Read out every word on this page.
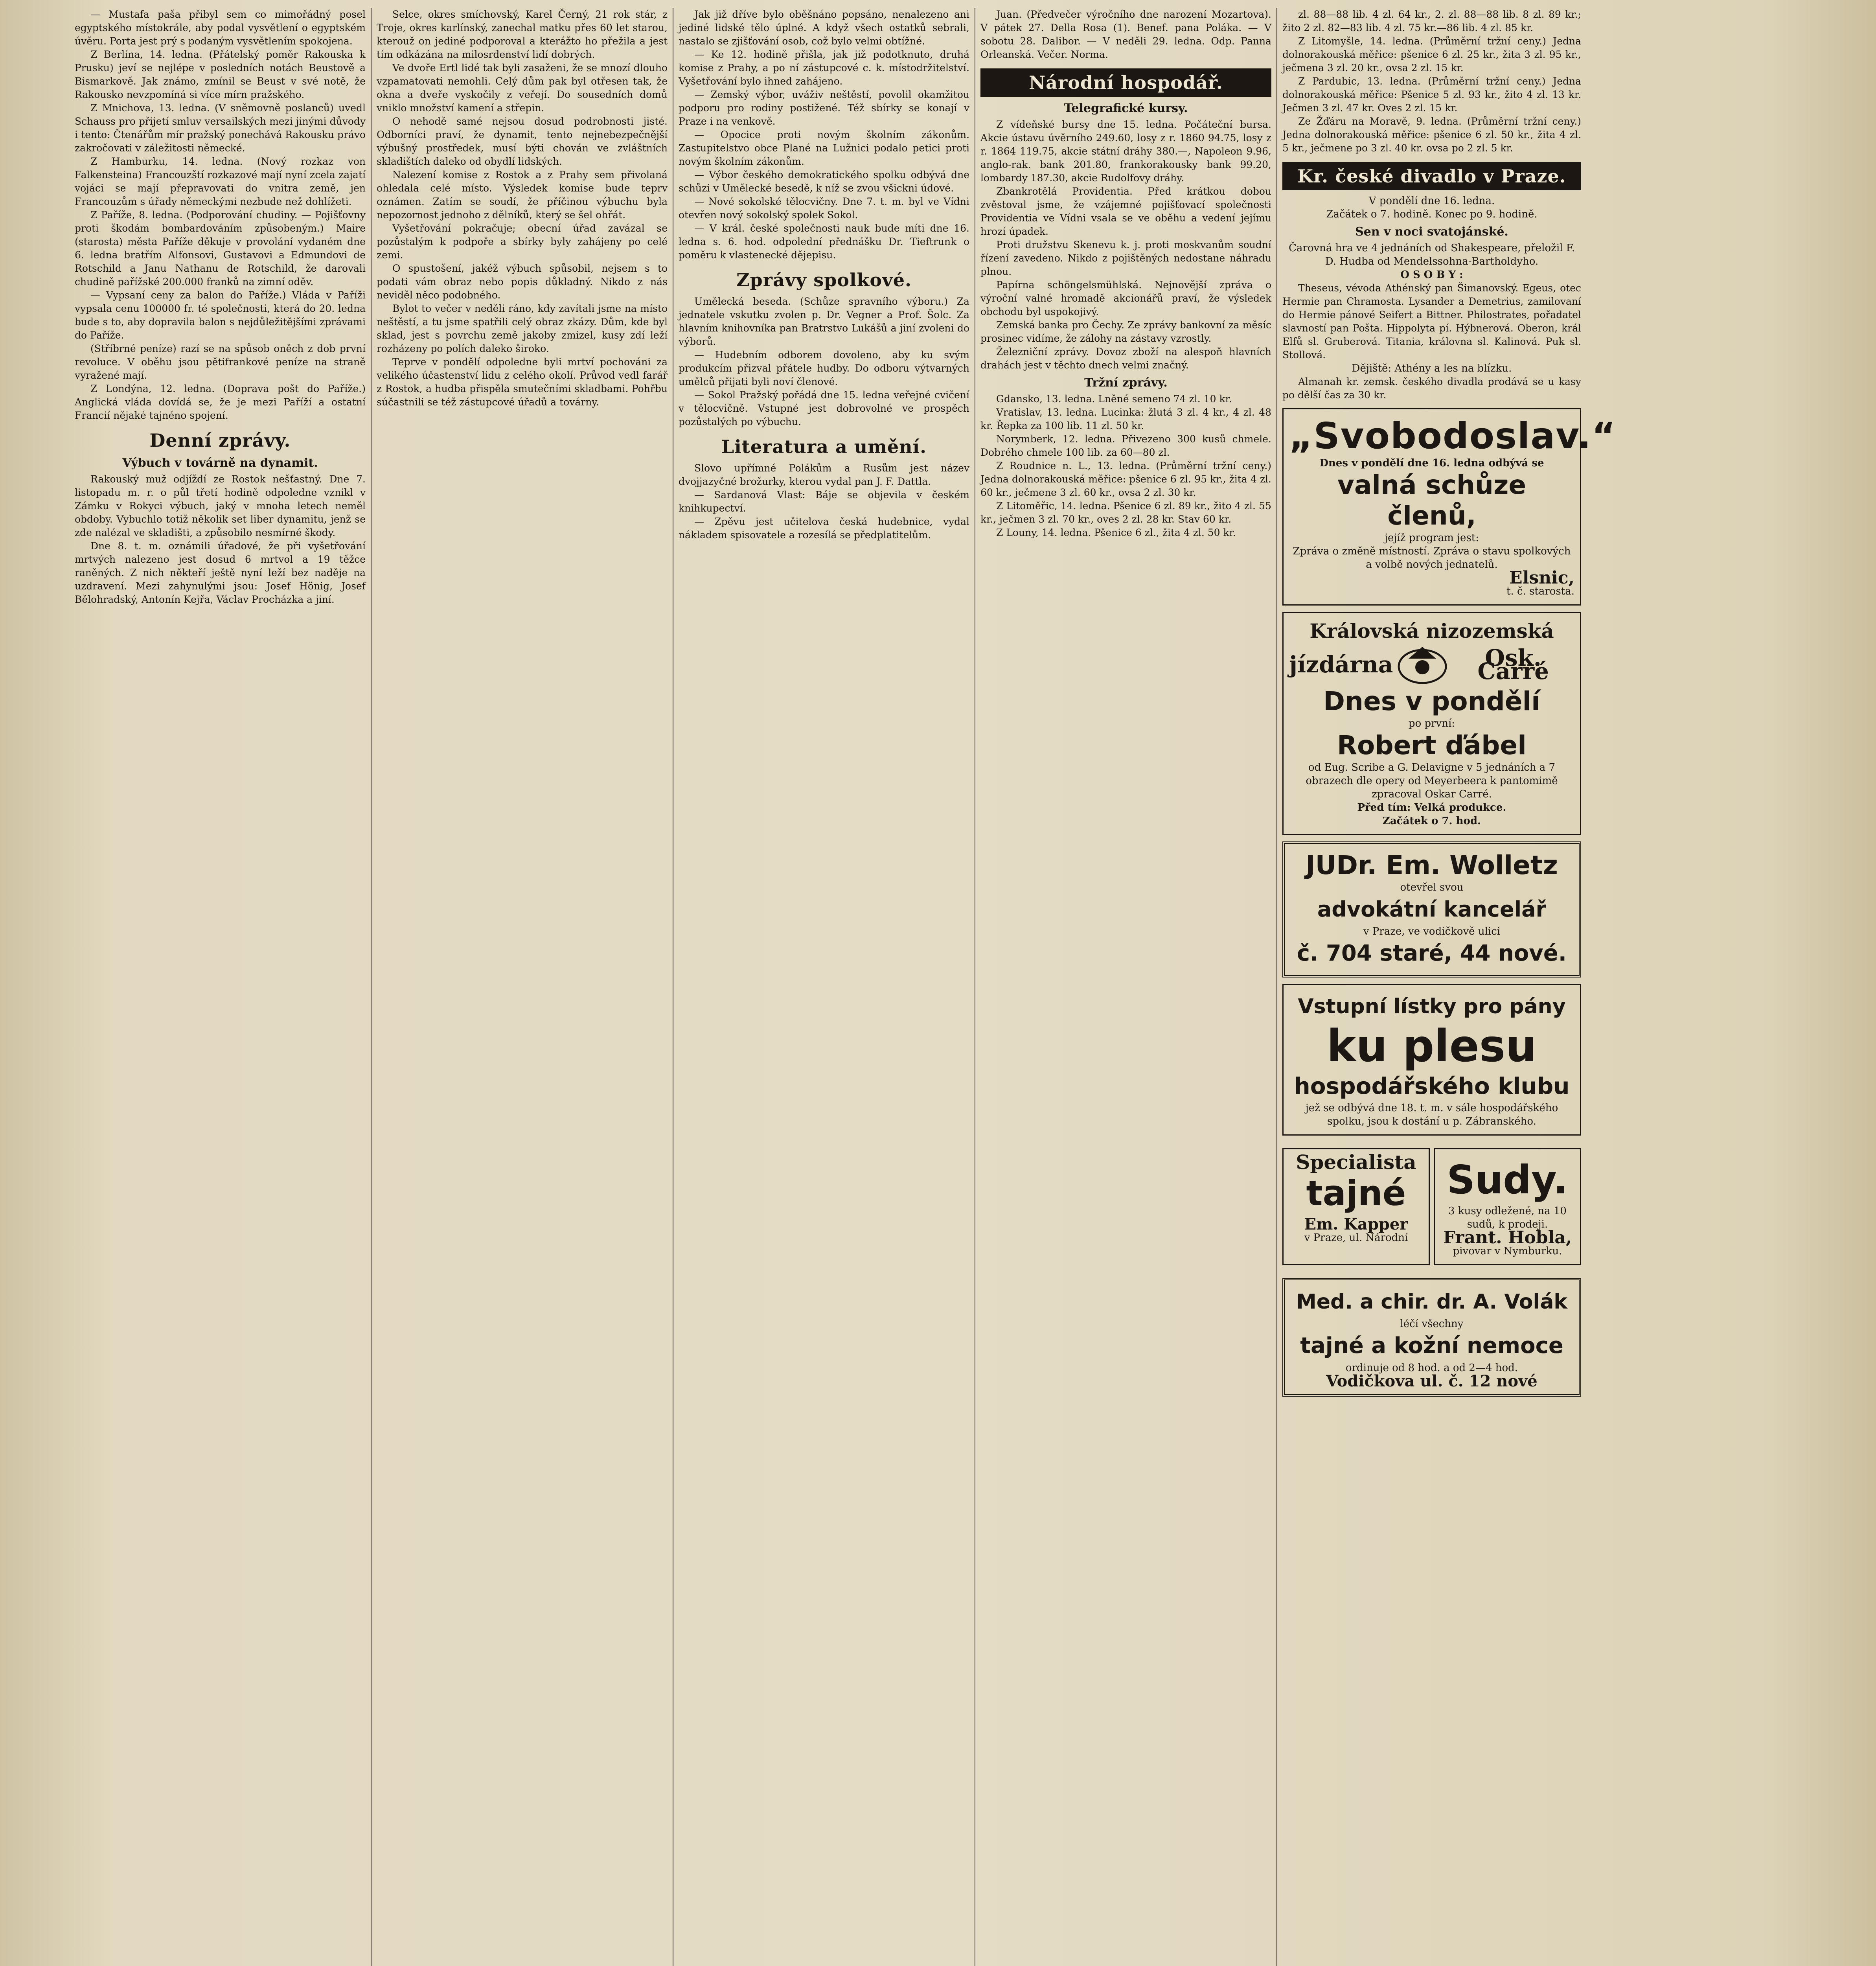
— Mustafa paša přibyl sem co mimořádný posel egyptského místokrále, aby podal vysvětlení o egyptském úvěru. Porta jest prý s podaným vysvětlením spokojena.

Z Berlína, 14. ledna. (Přátelský poměr Rakouska k Prusku) jeví se nejlépe v posledních notách Beustově a Bismarkově. Jak známo, zmínil se Beust v své notě, že Rakousko nevzpomíná si více mírn pražského.

Z Mnichova, 13. ledna. (V sněmovně poslanců) uvedl Schauss pro přijetí smluv versailských mezi jinými důvody i tento: Čtenářům mír pražský ponechává Rakousku právo zakročovati v záležitosti německé.

Z Hamburku, 14. ledna. (Nový rozkaz von Falkensteina) Francouzští rozkazové mají nyní zcela zajatí vojáci se mají přepravovati do vnitra země, jen Francouzům s úřady německými nezbude než dohlížeti.

Z Paříže, 8. ledna. (Podporování chudiny. — Pojišťovny proti škodám bombardováním způsobeným.) Maire (starosta) města Paříže děkuje v provolání vydaném dne 6. ledna bratřím Alfonsovi, Gustavovi a Edmundovi de Rotschild a Janu Nathanu de Rotschild, že darovali chudině pařížské 200.000 franků na zimní oděv.

— Vypsaní ceny za balon do Paříže.) Vláda v Paříži vypsala cenu 100000 fr. té společnosti, která do 20. ledna bude s to, aby dopravila balon s nejdůležitějšími zprávami do Paříže.

(Stříbrné peníze) razí se na spůsob oněch z dob první revoluce. V oběhu jsou pětifrankové peníze na straně vyražené mají.

Z Londýna, 12. ledna. (Doprava pošt do Paříže.) Anglická vláda dovídá se, že je mezi Paříží a ostatní Francií nějaké tajnéno spojení.

Denní zprávy.
Výbuch v továrně na dynamit.

Rakouský muž odjíždí ze Rostok nešťastný. Dne 7. listopadu m. r. o půl třetí hodině odpoledne vznikl v Zámku v Rokyci výbuch, jaký v mnoha letech neměl obdoby. Vybuchlo totiž několik set liber dynamitu, jenž se zde nalézal ve skladišti, a způsobilo nesmírné škody.

Dne 8. t. m. oznámili úřadové, že při vyšetřování mrtvých nalezeno jest dosud 6 mrtvol a 19 těžce raněných. Z nich někteří ještě nyní leží bez naděje na uzdravení. Mezi zahynulými jsou: Josef Hönig, Josef Bělohradský, Antonín Kejřa, Václav Procházka a jiní.

Selce, okres smíchovský, Karel Černý, 21 rok stár, z Troje, okres karlínský, zanechal matku přes 60 let starou, kterouž on jediné podporoval a kterážto ho přežila a jest tím odkázána na milosrdenství lidí dobrých.

Ve dvoře Ertl lidé tak byli zasaženi, že se mnozí dlouho vzpamatovati nemohli. Celý dům pak byl otřesen tak, že okna a dveře vyskočily z veřejí. Do sousedních domů vniklo množství kamení a střepin.

O nehodě samé nejsou dosud podrobnosti jisté. Odborníci praví, že dynamit, tento nejnebezpečnější výbušný prostředek, musí býti chován ve zvláštních skladištích daleko od obydlí lidských.

Nalezení komise z Rostok a z Prahy sem přivolaná ohledala celé místo. Výsledek komise bude teprv oznámen. Zatím se soudí, že příčinou výbuchu byla nepozornost jednoho z dělníků, který se šel ohřát.

Vyšetřování pokračuje; obecní úřad zavázal se pozůstalým k podpoře a sbírky byly zahájeny po celé zemi.

O spustošení, jakéž výbuch spůsobil, nejsem s to podati vám obraz nebo popis důkladný. Nikdo z nás neviděl něco podobného.

Bylot to večer v neděli ráno, kdy zavítali jsme na místo neštěstí, a tu jsme spatřili celý obraz zkázy. Dům, kde byl sklad, jest s povrchu země jakoby zmizel, kusy zdí leží rozházeny po polích daleko široko.

Teprve v pondělí odpoledne byli mrtví pochováni za velikého účastenství lidu z celého okolí. Průvod vedl farář z Rostok, a hudba přispěla smutečními skladbami. Pohřbu súčastnili se též zástupcové úřadů a továrny.

Jak již dříve bylo oběšnáno popsáno, nenalezeno ani jediné lidské tělo úplné. A když všech ostatků sebrali, nastalo se zjišťování osob, což bylo velmi obtížné.

— Ke 12. hodině přišla, jak již podotknuto, druhá komise z Prahy, a po ní zástupcové c. k. místodržitelství. Vyšetřování bylo ihned zahájeno.

— Zemský výbor, uváživ neštěstí, povolil okamžitou podporu pro rodiny postižené. Též sbírky se konají v Praze i na venkově.

— Opocice proti novým školním zákonům. Zastupitelstvo obce Plané na Lužnici podalo petici proti novým školním zákonům.

— Výbor českého demokratického spolku odbývá dne schůzi v Umělecké besedě, k níž se zvou všickni údové.

— Nové sokolské tělocvičny. Dne 7. t. m. byl ve Vídni otevřen nový sokolský spolek Sokol.

— V král. české společnosti nauk bude míti dne 16. ledna s. 6. hod. odpolední přednášku Dr. Tieftrunk o poměru k vlastenecké dějepisu.

Zprávy spolkové.

Umělecká beseda. (Schůze spravního výboru.) Za jednatele vskutku zvolen p. Dr. Vegner a Prof. Šolc. Za hlavním knihovníka pan Bratrstvo Lukášů a jiní zvoleni do výborů.

— Hudebním odborem dovoleno, aby ku svým produkcím přizval přátele hudby. Do odboru výtvarných umělců přijati byli noví členové.

— Sokol Pražský pořádá dne 15. ledna veřejné cvičení v tělocvičně. Vstupné jest dobrovolné ve prospěch pozůstalých po výbuchu.

Literatura a umění.

Slovo upřímné Polákům a Rusům jest název dvojjazyčné brožurky, kterou vydal pan J. F. Dattla.

— Sardanová Vlast: Báje se objevila v českém knihkupectví.

— Zpěvu jest učitelova česká hudebnice, vydal nákladem spisovatele a rozesílá se předplatitelům.

Juan. (Předvečer výročního dne narození Mozartova). V pátek 27. Della Rosa (1). Benef. pana Poláka. — V sobotu 28. Dalibor. — V neděli 29. ledna. Odp. Panna Orleanská. Večer. Norma.

Národní hospodář.
Telegrafické kursy.

Z vídeňské bursy dne 15. ledna. Počáteční bursa. Akcie ústavu úvěrního 249.60, losy z r. 1860 94.75, losy z r. 1864 119.75, akcie státní dráhy 380.—, Napoleon 9.96, anglo-rak. bank 201.80, frankorakousky bank 99.20, lombardy 187.30, akcie Rudolfovy dráhy.

Zbankrotělá Providentia. Před krátkou dobou zvěstoval jsme, že vzájemné pojišťovací společnosti Providentia ve Vídni vsala se ve oběhu a vedení jejímu hrozí úpadek.

Proti družstvu Skenevu k. j. proti moskvanům soudní řízení zavedeno. Nikdo z pojištěných nedostane náhradu plnou.

Papírna schöngelsmühlská. Nejnovější zpráva o výroční valné hromadě akcionářů praví, že výsledek obchodu byl uspokojivý.

Zemská banka pro Čechy. Ze zprávy bankovní za měsíc prosinec vidíme, že zálohy na zástavy vzrostly.

Železniční zprávy. Dovoz zboží na alespoň hlavních drahách jest v těchto dnech velmi značný.

Tržní zprávy.

Gdansko, 13. ledna. Lněné semeno 74 zl. 10 kr.

Vratislav, 13. ledna. Lucinka: žlutá 3 zl. 4 kr., 4 zl. 48 kr. Řepka za 100 lib. 11 zl. 50 kr.

Norymberk, 12. ledna. Přivezeno 300 kusů chmele. Dobrého chmele 100 lib. za 60—80 zl.

Z Roudnice n. L., 13. ledna. (Průměrní tržní ceny.) Jedna dolnorakouská měřice: pšenice 6 zl. 95 kr., žita 4 zl. 60 kr., ječmene 3 zl. 60 kr., ovsa 2 zl. 30 kr.

Z Litoměřic, 14. ledna. Pšenice 6 zl. 89 kr., žito 4 zl. 55 kr., ječmen 3 zl. 70 kr., oves 2 zl. 28 kr. Stav 60 kr.

Z Louny, 14. ledna. Pšenice 6 zl., žita 4 zl. 50 kr.

zl. 88—88 lib. 4 zl. 64 kr., 2. zl. 88—88 lib. 8 zl. 89 kr.; žito 2 zl. 82—83 lib. 4 zl. 75 kr.—86 lib. 4 zl. 85 kr.

Z Litomyšle, 14. ledna. (Průměrní tržní ceny.) Jedna dolnorakouská měřice: pšenice 6 zl. 25 kr., žita 3 zl. 95 kr., ječmena 3 zl. 20 kr., ovsa 2 zl. 15 kr.

Z Pardubic, 13. ledna. (Průměrní tržní ceny.) Jedna dolnorakouská měřice: Pšenice 5 zl. 93 kr., žito 4 zl. 13 kr. Ječmen 3 zl. 47 kr. Oves 2 zl. 15 kr.

Ze Žďáru na Moravě, 9. ledna. (Průměrní tržní ceny.) Jedna dolnorakouská měřice: pšenice 6 zl. 50 kr., žita 4 zl. 5 kr., ječmene po 3 zl. 40 kr. ovsa po 2 zl. 5 kr.

Kr. české divadlo v Praze.
V pondělí dne 16. ledna.
Začátek o 7. hodině. Konec po 9. hodině.
Sen v noci svatojánské.
Čarovná hra ve 4 jednáních od Shakespeare, přeložil F. D. Hudba od Mendelssohna-Bartholdyho.
O S O B Y :

Theseus, vévoda Athénský pan Šimanovský. Egeus, otec Hermie pan Chramosta. Lysander a Demetrius, zamilovaní do Hermie pánové Seifert a Bittner. Philostrates, pořadatel slavností pan Pošta. Hippolyta pí. Hýbnerová. Oberon, král Elfů sl. Gruberová. Titania, královna sl. Kalinová. Puk sl. Stollová.

Dějiště: Athény a les na blízku.

Almanah kr. zemsk. českého divadla prodává se u kasy po dělší čas za 30 kr.

„Svobodoslav.“
Dnes v pondělí dne 16. ledna odbývá se
valná schůze členů,
jejíž program jest:
Zpráva o změně místností. Zpráva o stavu spolkových a volbě nových jednatelů.
Elsnic,
t. č. starosta.
Královská nizozemská
jízdárna	Osk. Carré
Dnes v pondělí
po první:
Robert ďábel
od Eug. Scribe a G. Delavigne v 5 jednáních a 7 obrazech dle opery od Meyerbeera k pantomimě zpracoval Oskar Carré.
Před tím: Velká produkce.
Začátek o 7. hod.
JUDr. Em. Wolletz
otevřel svou
advokátní kancelář
v Praze, ve vodičkově ulici
č. 704 staré, 44 nové.
Vstupní lístky pro pány
ku plesu
hospodářského klubu
jež se odbývá dne 18. t. m. v sále hospodářského spolku, jsou k dostání u p. Zábranského.
Specialista
tajné
Em. Kapper
v Praze, ul. Národní
Sudy.
3 kusy odležené, na 10 sudů, k prodeji.
Frant. Hobla,
pivovar v Nymburku.
Med. a chir. dr. A. Volák
léčí všechny
tajné a kožní nemoce
ordinuje od 8 hod. a od 2—4 hod.
Vodičkova ul. č. 12 nové
